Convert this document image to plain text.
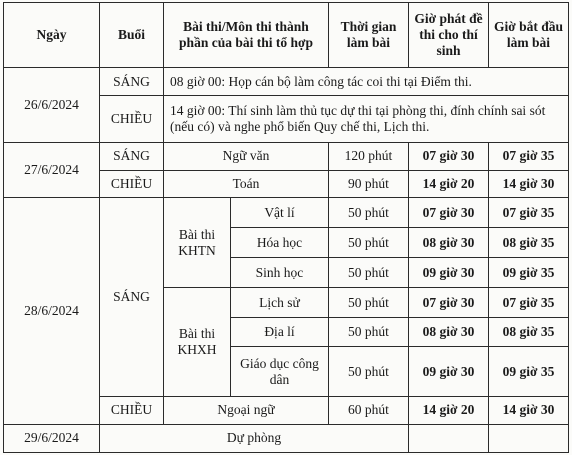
Ngày	Buổi	Bài thi/Môn thi thành phần của bài thi tổ hợp		Thời gian làm bài	Giờ phát đề thi cho thí sinh	Giờ bắt đầu làm bài
26/6/2024	SÁNG	08 giờ 00: Họp cán bộ làm công tác coi thi tại Điểm thi.				
	CHIỀU	14 giờ 00: Thí sinh làm thủ tục dự thi tại phòng thi, đính chính sai sót (nếu có) và nghe phổ biến Quy chế thi, Lịch thi.				
27/6/2024	SÁNG	Ngữ văn		120 phút	07 giờ 30	07 giờ 35
	CHIỀU	Toán		90 phút	14 giờ 20	14 giờ 30
28/6/2024	SÁNG	Bài thi KHTN	Vật lí	50 phút	07 giờ 30	07 giờ 35
			Hóa học	50 phút	08 giờ 30	08 giờ 35
			Sinh học	50 phút	09 giờ 30	09 giờ 35
		Bài thi KHXH	Lịch sử	50 phút	07 giờ 30	07 giờ 35
			Địa lí	50 phút	08 giờ 30	08 giờ 35
			Giáo dục công dân	50 phút	09 giờ 30	09 giờ 35
	CHIỀU	Ngoại ngữ		60 phút	14 giờ 20	14 giờ 30
29/6/2024	Dự phòng					
